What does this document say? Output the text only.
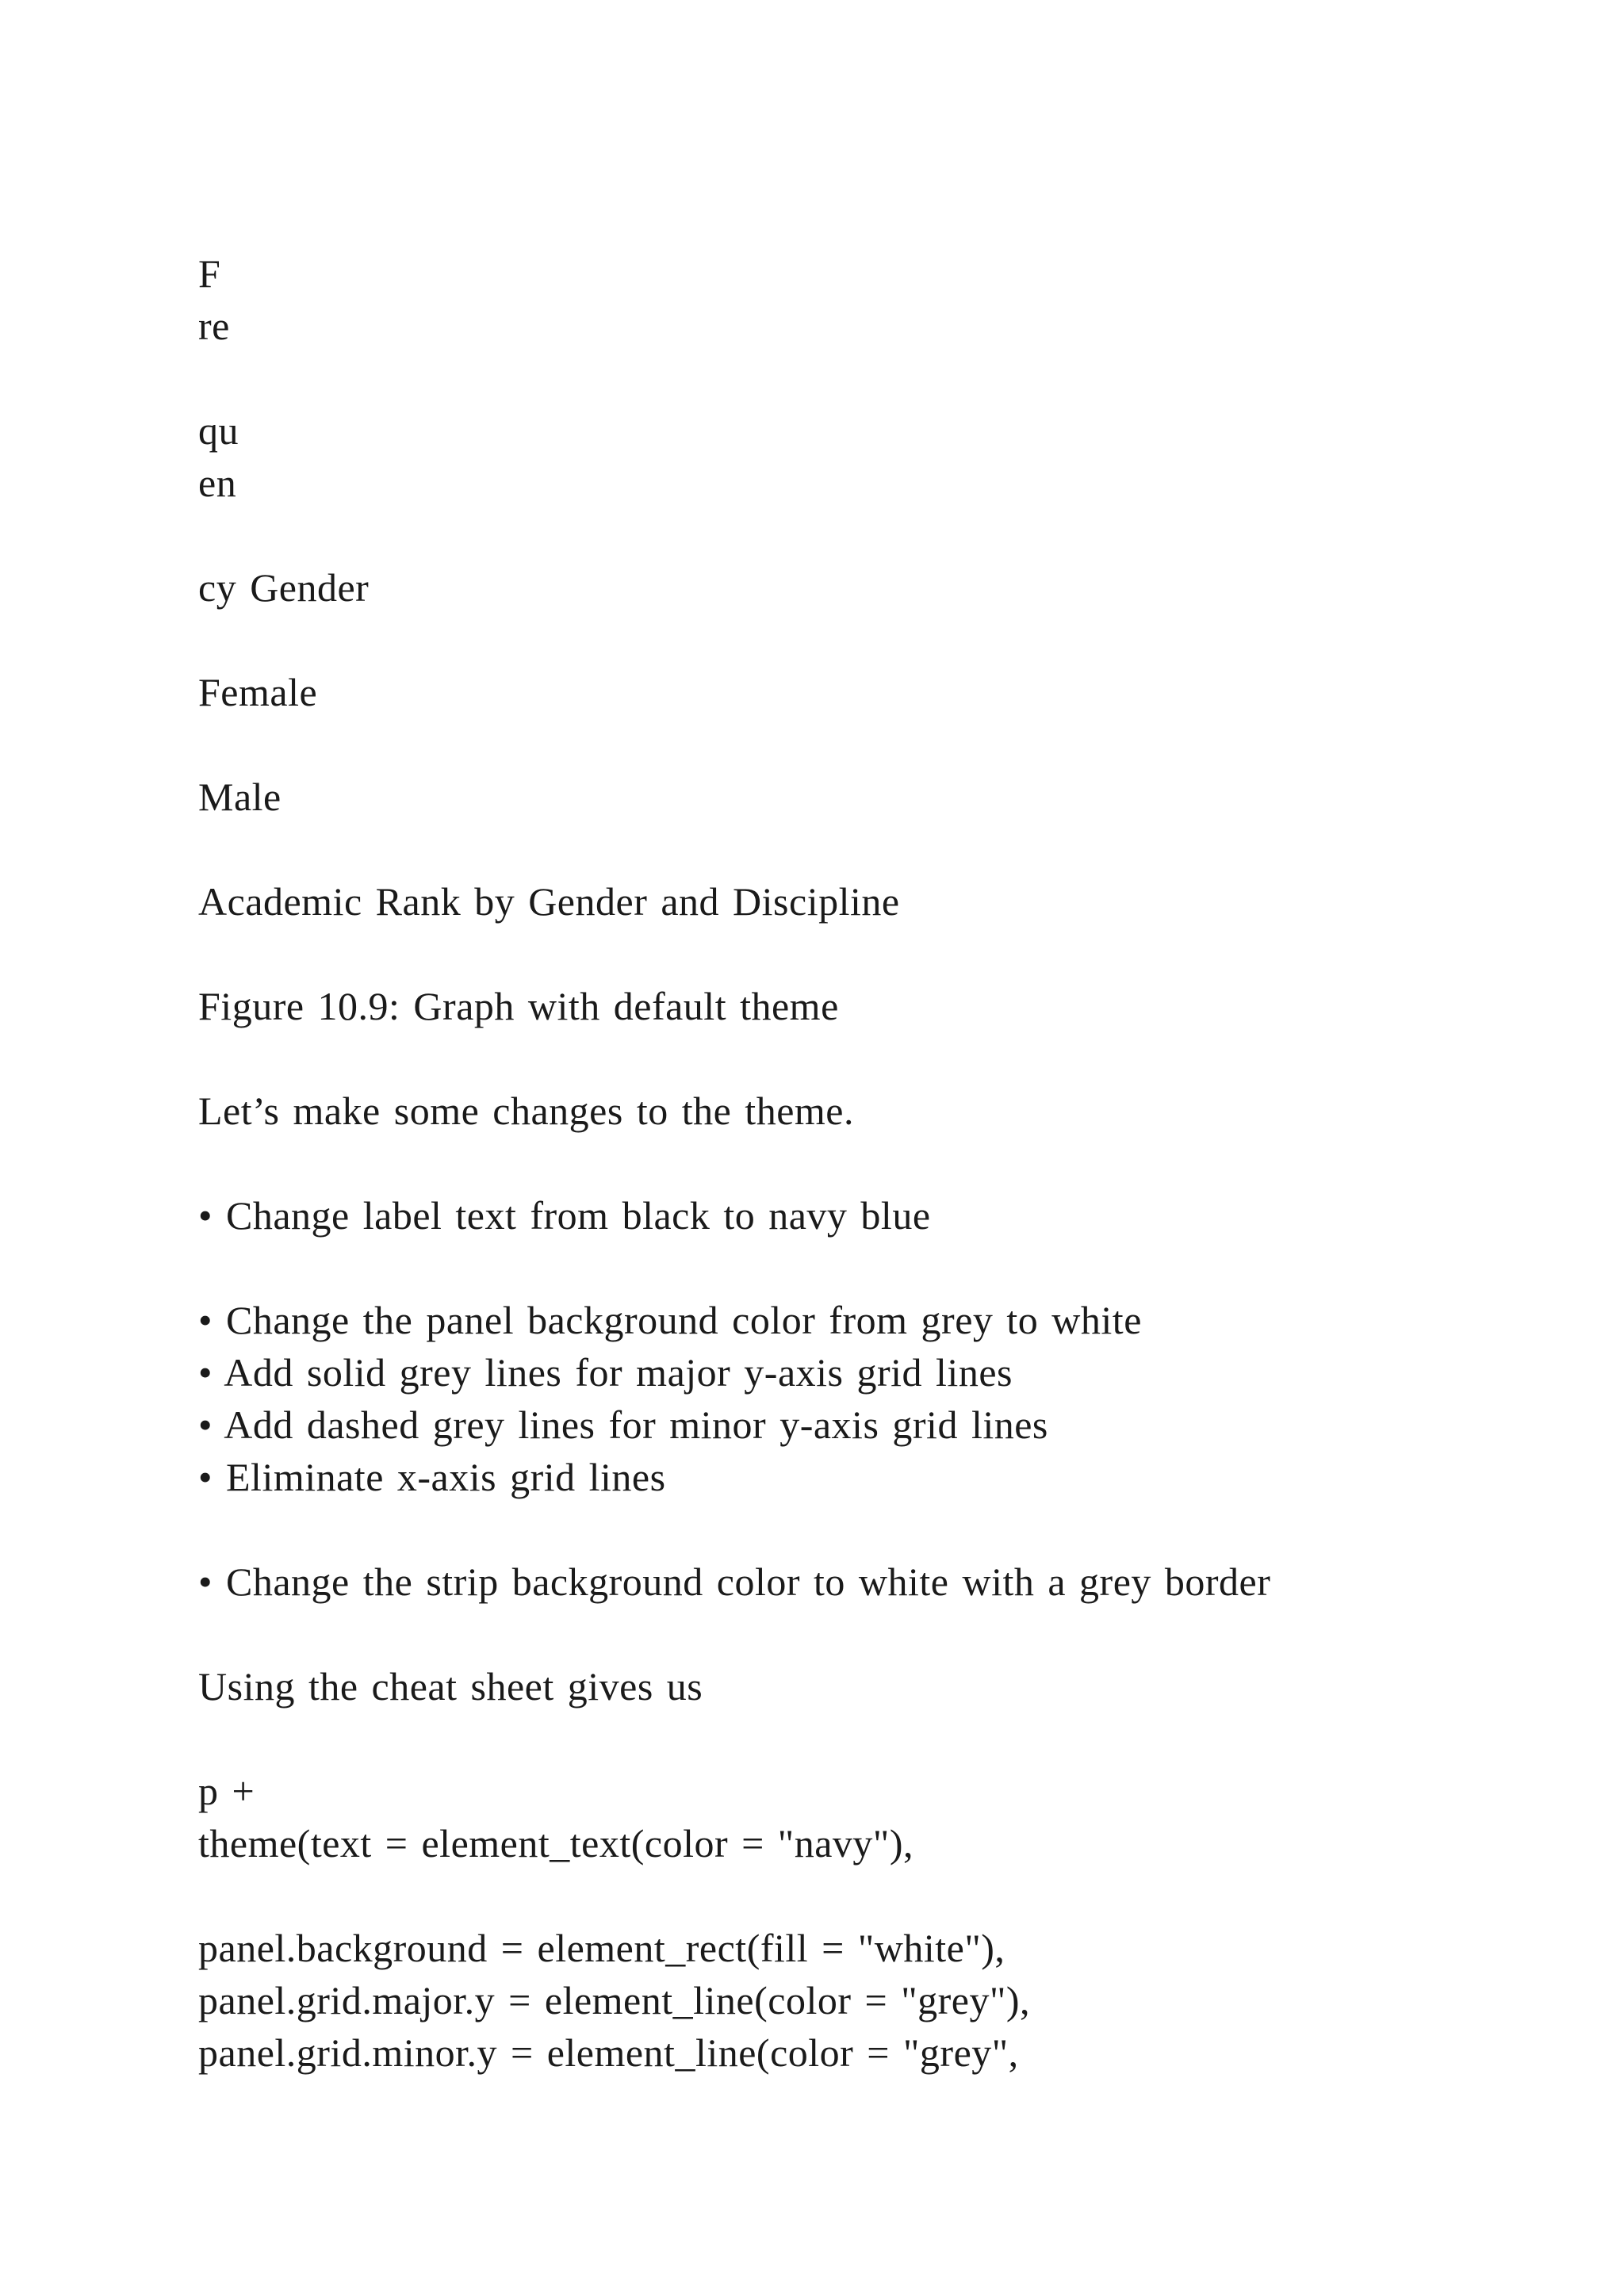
F
re
qu
en
cy Gender
Female
Male
Academic Rank by Gender and Discipline
Figure 10.9: Graph with default theme
Let’s make some changes to the theme.
• Change label text from black to navy blue
• Change the panel background color from grey to white
• Add solid grey lines for major y-axis grid lines
• Add dashed grey lines for minor y-axis grid lines
• Eliminate x-axis grid lines
• Change the strip background color to white with a grey border
Using the cheat sheet gives us
p +
theme(text = element_text(color = "navy"),
panel.background = element_rect(fill = "white"),
panel.grid.major.y = element_line(color = "grey"),
panel.grid.minor.y = element_line(color = "grey",
